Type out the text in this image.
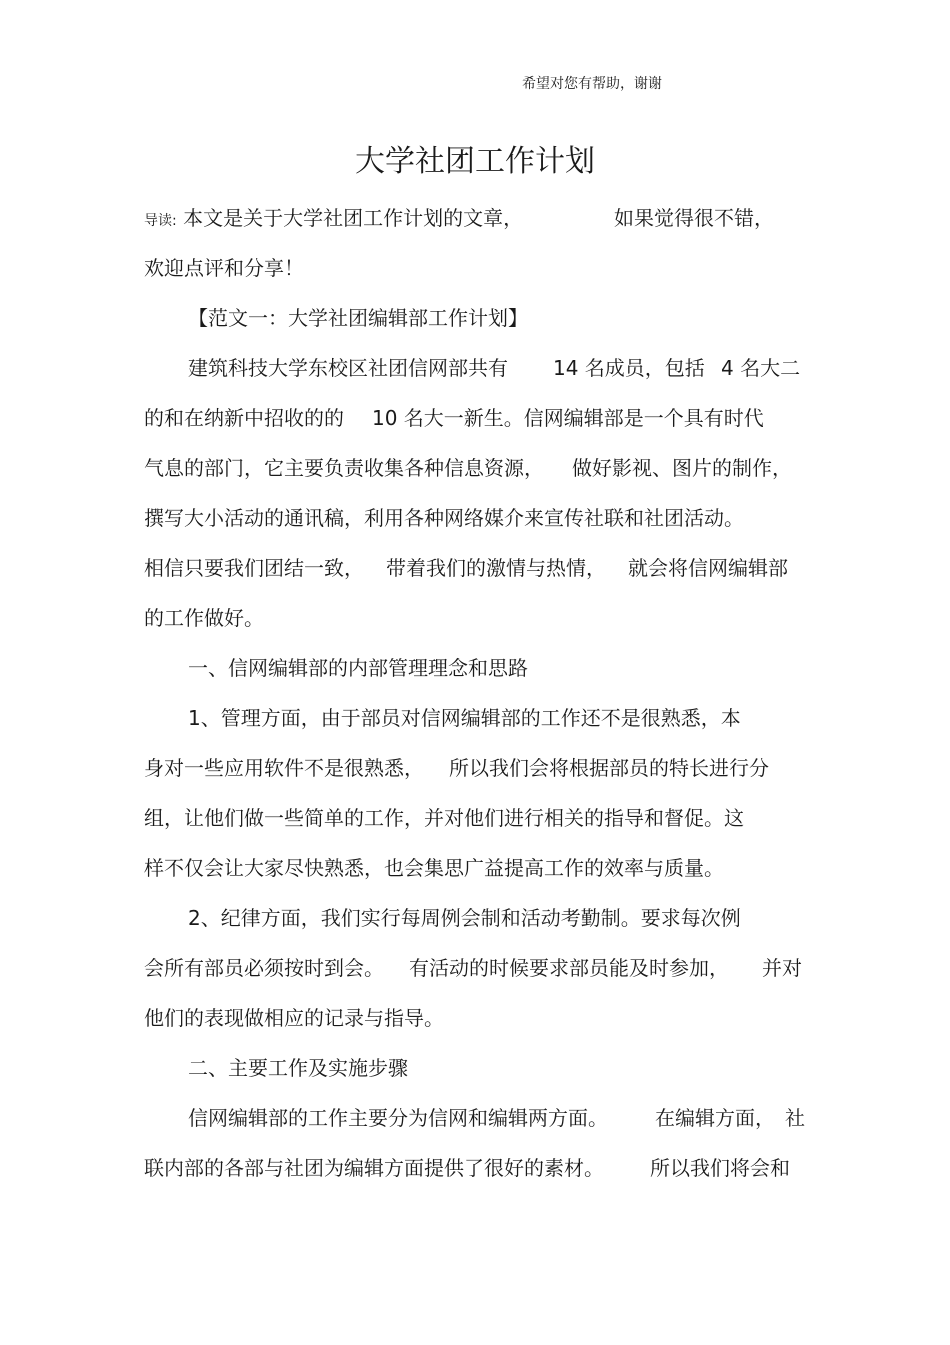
希望对您有帮助，谢谢
大学社团工作计划
导读: 本文是关于大学社团工作计划的文章，	如果觉得很不错，
欢迎点评和分享！
【范文一：大学社团编辑部工作计划】
建筑科技大学东校区社团信网部共有 14 名成员，包括 4 名大二
的和在纳新中招收的的 10 名大一新生。信网编辑部是一个具有时代
气息的部门，它主要负责收集各种信息资源， 做好影视、图片的制作，
撰写大小活动的通讯稿，利用各种网络媒介来宣传社联和社团活动。
相信只要我们团结一致， 带着我们的激情与热情， 就会将信网编辑部
的工作做好。
一、信网编辑部的内部管理理念和思路
1、管理方面，由于部员对信网编辑部的工作还不是很熟悉，本
身对一些应用软件不是很熟悉， 所以我们会将根据部员的特长进行分
组，让他们做一些简单的工作，并对他们进行相关的指导和督促。这
样不仅会让大家尽快熟悉，也会集思广益提高工作的效率与质量。
2、纪律方面，我们实行每周例会制和活动考勤制。要求每次例
会所有部员必须按时到会。 有活动的时候要求部员能及时参加， 并对
他们的表现做相应的记录与指导。
二、主要工作及实施步骤
信网编辑部的工作主要分为信网和编辑两方面。 在编辑方面， 社
联内部的各部与社团为编辑方面提供了很好的素材。 所以我们将会和
